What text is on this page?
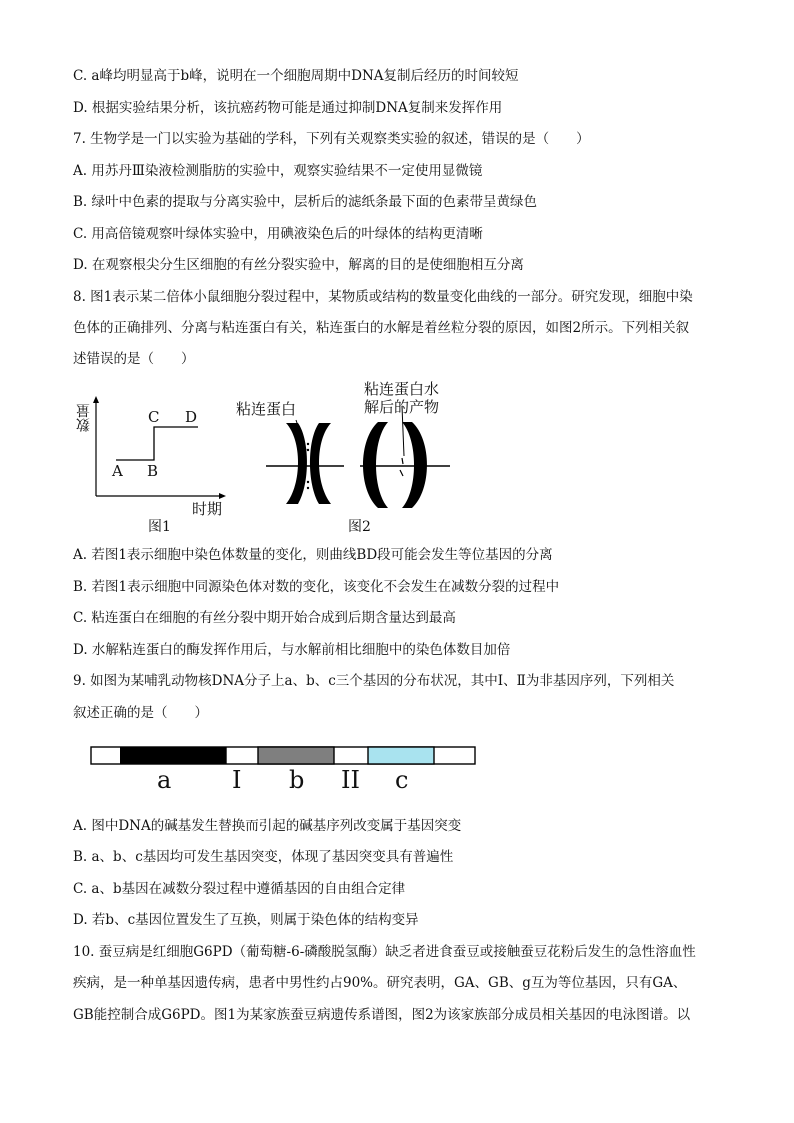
C. a峰均明显高于b峰，说明在一个细胞周期中DNA复制后经历的时间较短
D. 根据实验结果分析，该抗癌药物可能是通过抑制DNA复制来发挥作用
7. 生物学是一门以实验为基础的学科，下列有关观察类实验的叙述，错误的是（　　）
A. 用苏丹Ⅲ染液检测脂肪的实验中，观察实验结果不一定使用显微镜
B. 绿叶中色素的提取与分离实验中，层析后的滤纸条最下面的色素带呈黄绿色
C. 用高倍镜观察叶绿体实验中，用碘液染色后的叶绿体的结构更清晰
D. 在观察根尖分生区细胞的有丝分裂实验中，解离的目的是使细胞相互分离
8. 图1表示某二倍体小鼠细胞分裂过程中，某物质或结构的数量变化曲线的一部分。研究发现，细胞中染
色体的正确排列、分离与粘连蛋白有关，粘连蛋白的水解是着丝粒分裂的原因，如图2所示。下列相关叙
述错误的是（　　）
数量
A B
C D
时期
图1
粘连蛋白
粘连蛋白水
解后的产物
图2
A. 若图1表示细胞中染色体数量的变化，则曲线BD段可能会发生等位基因的分离
B. 若图1表示细胞中同源染色体对数的变化，该变化不会发生在减数分裂的过程中
C. 粘连蛋白在细胞的有丝分裂中期开始合成到后期含量达到最高
D. 水解粘连蛋白的酶发挥作用后，与水解前相比细胞中的染色体数目加倍
9. 如图为某哺乳动物核DNA分子上a、b、c三个基因的分布状况，其中Ⅰ、Ⅱ为非基因序列，下列相关
叙述正确的是（　　）
a	I b II c
A. 图中DNA的碱基发生替换而引起的碱基序列改变属于基因突变
B. a、b、c基因均可发生基因突变，体现了基因突变具有普遍性
C. a、b基因在减数分裂过程中遵循基因的自由组合定律
D. 若b、c基因位置发生了互换，则属于染色体的结构变异
10. 蚕豆病是红细胞G6PD（葡萄糖-6-磷酸脱氢酶）缺乏者进食蚕豆或接触蚕豆花粉后发生的急性溶血性
疾病，是一种单基因遗传病，患者中男性约占90%。研究表明，GA、GB、g互为等位基因，只有GA、
GB能控制合成G6PD。图1为某家族蚕豆病遗传系谱图，图2为该家族部分成员相关基因的电泳图谱。以
